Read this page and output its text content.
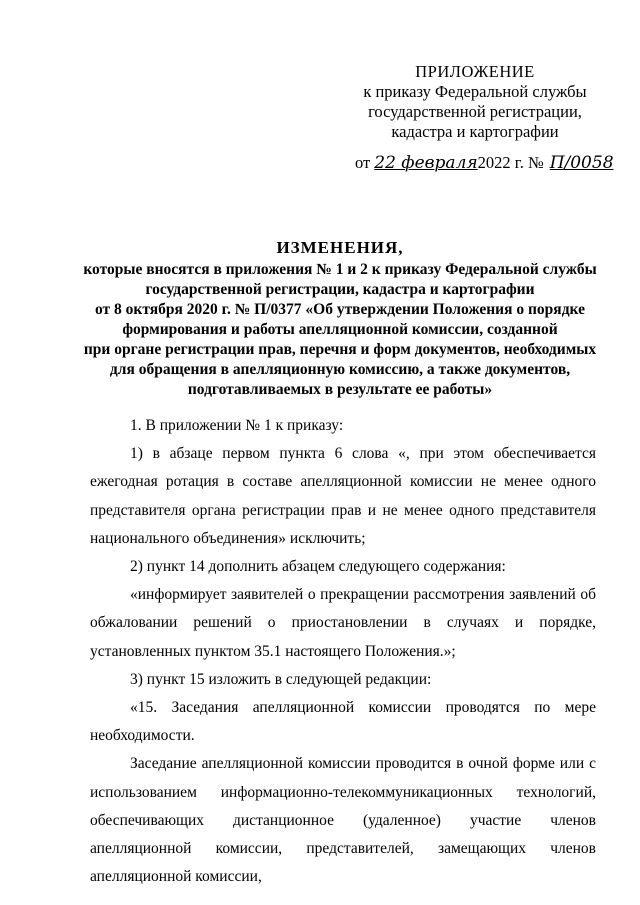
ПРИЛОЖЕНИЕ
к приказу Федеральной службы
государственной регистрации,
кадастра и картографии
от 22 февраля2022 г. № П/0058
ИЗМЕНЕНИЯ,
которые вносятся в приложения № 1 и 2 к приказу Федеральной службы
государственной регистрации, кадастра и картографии
от 8 октября 2020 г. № П/0377 «Об утверждении Положения о порядке
формирования и работы апелляционной комиссии, созданной
при органе регистрации прав, перечня и форм документов, необходимых
для обращения в апелляционную комиссию, а также документов,
подготавливаемых в результате ее работы»

1. В приложении № 1 к приказу:

1) в абзаце первом пункта 6 слова «, при этом обеспечивается ежегодная ротация в составе апелляционной комиссии не менее одного представителя органа регистрации прав и не менее одного представителя национального объединения» исключить;

2) пункт 14 дополнить абзацем следующего содержания:

«информирует заявителей о прекращении рассмотрения заявлений об обжаловании решений о приостановлении в случаях и порядке, установленных пунктом 35.1 настоящего Положения.»;

3) пункт 15 изложить в следующей редакции:

«15. Заседания апелляционной комиссии проводятся по мере необходимости.

Заседание апелляционной комиссии проводится в очной форме или с использованием информационно-телекоммуникационных технологий, обеспечивающих дистанционное (удаленное) участие членов апелляционной комиссии, представителей, замещающих членов апелляционной комиссии,
